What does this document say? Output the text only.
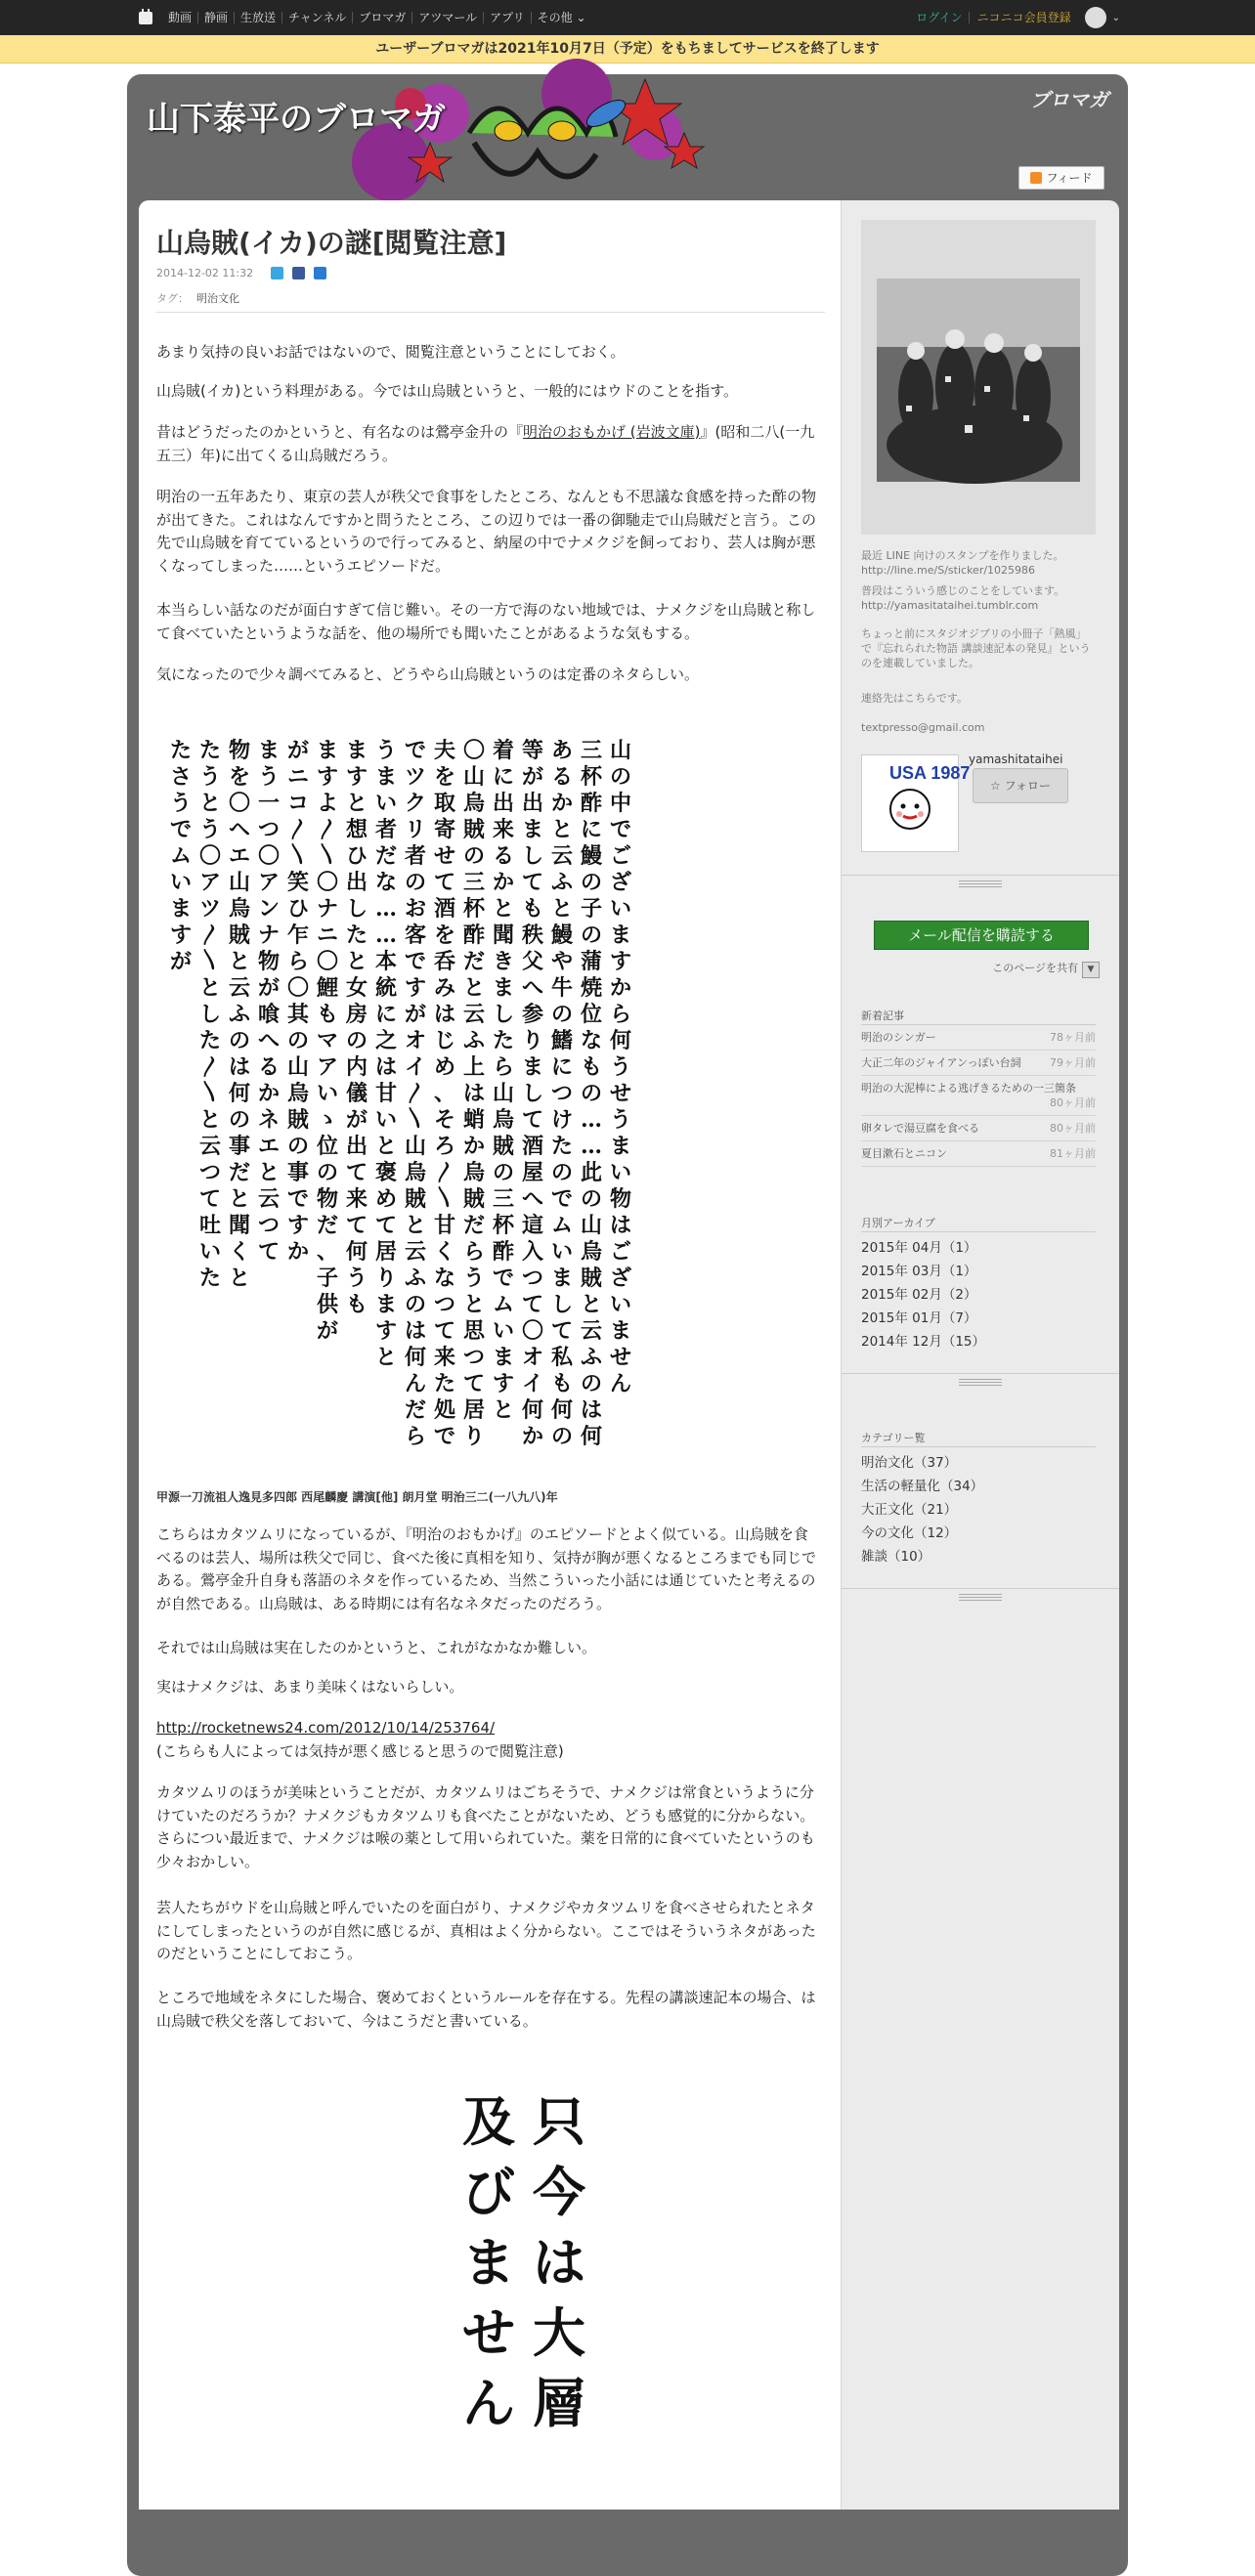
動画	静画	生放送	チャンネル	ブロマガ	アツマール	アプリ	その他 ⌄	ログイン	ニコニコ会員登録	⌄
ユーザーブロマガは2021年10月7日（予定）をもちましてサービスを終了します
山下泰平のブロマガ	ブロマガ
フィード
山烏賊(イカ)の謎[閲覧注意]
2014-12-02 11:32
タグ： 明治文化

あまり気持の良いお話ではないので、閲覧注意ということにしておく。

山烏賊(イカ)という料理がある。今では山烏賊というと、一般的にはウドのことを指す。

昔はどうだったのかというと、有名なのは鶯亭金升の『明治のおもかげ (岩波文庫)』(昭和二八(一九五三）年)に出てくる山烏賊だろう。

明治の一五年あたり、東京の芸人が秩父で食事をしたところ、なんとも不思議な食感を持った酢の物が出てきた。これはなんですかと問うたところ、この辺りでは一番の御馳走で山烏賊だと言う。この先で山烏賊を育てているというので行ってみると、納屋の中でナメクジを飼っており、芸人は胸が悪くなってしまった……というエピソードだ。

本当らしい話なのだが面白すぎて信じ難い。その一方で海のない地域では、ナメクジを山烏賊と称して食べていたというような話を、他の場所でも聞いたことがあるような気もする。

気になったので少々調べてみると、どうやら山烏賊というのは定番のネタらしい。

山
の
中
で
ご
ざ
い
ま
す
か
ら
何
う
せ
う
ま
い
物
は
ご
ざ
い
ま
せ
ん
三
杯
酢
に
鰻
の
子
の
蒲
焼
位
な
も
の
…
…
此
の
山
烏
賊
と
云
ふ
の
は
何
あ
る
か
と
云
ふ
と
鰻
や
牛
の
鰭
に
つ
け
た
の
で
ム
い
ま
し
て
私
も
何
の
等
が
出
ま
し
て
も
秩
父
へ
参
り
ま
し
て
酒
屋
へ
這
入
つ
て
〇
オ
イ
何
か
着
に
出
来
る
か
と
聞
き
ま
し
た
ら
山
烏
賊
の
三
杯
酢
で
ム
い
ま
す
と
〇
山
烏
賊
の
三
杯
酢
だ
と
云
ふ
上
は
蛸
か
烏
賊
だ
ら
う
と
思
つ
て
居
り
夫
を
取
寄
せ
て
酒
を
呑
み
は
じ
め
、
そ
ろ
〳
〵
甘
く
な
つ
て
来
た
処
で
で
ツ
ク
リ
者
の
お
客
で
す
が
オ
イ
〳
〵
山
烏
賊
と
云
ふ
の
は
何
ん
だ
ら
う
ま
い
者
だ
な
…
…
本
統
に
之
は
甘
い
と
褒
め
て
居
り
ま
す
と
ま
す
と
想
ひ
出
し
た
と
女
房
の
内
儀
が
出
て
来
て
何
う
も
ま
す
よ
〳
〵
〇
ナ
ニ
〇
鯉
も
マ
ア
い
ゝ
位
の
物
だ
、
子
供
が
が
ニ
コ
〳
〵
笑
ひ
乍
ら
〇
其
の
山
烏
賊
の
事
で
す
か
ま
う
一
つ
〇
ア
ン
ナ
物
が
喰
へ
る
か
ネ
エ
と
云
つ
て
物
を
〇
ヘ
エ
山
烏
賊
と
云
ふ
の
は
何
の
事
だ
と
聞
く
と
た
う
と
う
〇
ア
ツ
〳
〵
と
し
た
〳
〵
と
云
つ
て
吐
い
た
た
さ
う
で
ム
い
ま
す
が
甲源一刀流祖人逸見多四郎 西尾麟慶 講演[他] 朗月堂 明治三二(一八九八)年

こちらはカタツムリになっているが、『明治のおもかげ』のエピソードとよく似ている。山烏賊を食べるのは芸人、場所は秩父で同じ、食べた後に真相を知り、気持が胸が悪くなるところまでも同じである。鶯亭金升自身も落語のネタを作っているため、当然こういった小話には通じていたと考えるのが自然である。山烏賊は、ある時期には有名なネタだったのだろう。

それでは山烏賊は実在したのかというと、これがなかなか難しい。

実はナメクジは、あまり美味くはないらしい。

http://rocketnews24.com/2012/10/14/253764/
(こちらも人によっては気持が悪く感じると思うので閲覧注意)

カタツムリのほうが美味ということだが、カタツムリはごちそうで、ナメクジは常食というように分けていたのだろうか？ナメクジもカタツムリも食べたことがないため、どうも感覚的に分からない。さらについ最近まで、ナメクジは喉の薬として用いられていた。薬を日常的に食べていたというのも少々おかしい。

芸人たちがウドを山烏賊と呼んでいたのを面白がり、ナメクジやカタツムリを食べさせられたとネタにしてしまったというのが自然に感じるが、真相はよく分からない。ここではそういうネタがあったのだということにしておこう。

ところで地域をネタにした場合、褒めておくというルールを存在する。先程の講談速記本の場合、は山烏賊で秩父を落しておいて、今はこうだと書いている。

只
今
は
大
層
及
び
ま
せ
ん
最近 LINE 向けのスタンプを作りました。
http://line.me/S/sticker/1025986
普段はこういう感じのことをしています。
http://yamasitataihei.tumblr.com
ちょっと前にスタジオジブリの小冊子「熱風」で『忘れられた物語 講談速記本の発見』というのを連載していました。
連絡先はこちらです。
textpresso@gmail.com
USA 1987
yamashitataihei
☆ フォロー
メール配信を購読する
このページを共有 ▼
新着記事
明治のシンガー	78ヶ月前
大正二年のジャイアンっぽい台詞	79ヶ月前
明治の大泥棒による逃げきるための一三箇条
80ヶ月前
卵タレで湯豆腐を食べる	80ヶ月前
夏目漱石とニコン	81ヶ月前
月別アーカイブ
2015年 04月（1）
2015年 03月（1）
2015年 02月（2）
2015年 01月（7）
2014年 12月（15）
カテゴリー覧
明治文化（37）
生活の軽量化（34）
大正文化（21）
今の文化（12）
雑談（10）
